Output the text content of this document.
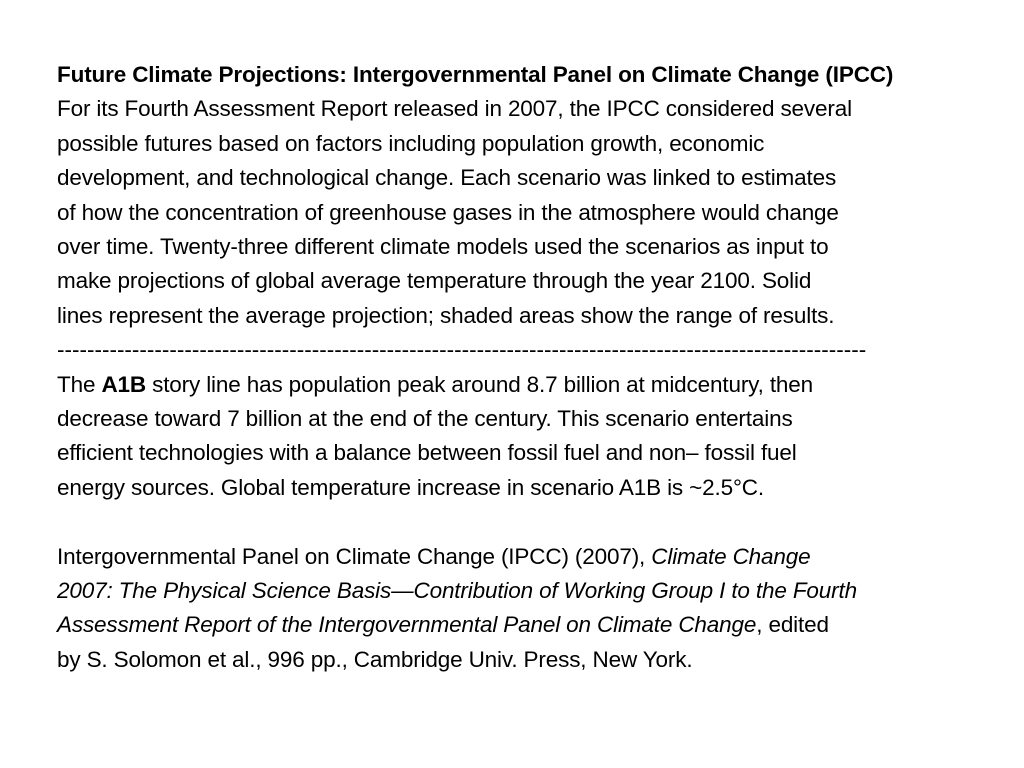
Future Climate Projections: Intergovernmental Panel on Climate Change (IPCC)
For its Fourth Assessment Report released in 2007, the IPCC considered several
possible futures based on factors including population growth, economic
development, and technological change. Each scenario was linked to estimates
of how the concentration of greenhouse gases in the atmosphere would change
over time. Twenty-three different climate models used the scenarios as input to
make projections of global average temperature through the year 2100. Solid
lines represent the average projection; shaded areas show the range of results.
------------------------------------------------------------------------------------------------------------
The A1B story line has population peak around 8.7 billion at midcentury, then
decrease toward 7 billion at the end of the century. This scenario entertains
efficient technologies with a balance between fossil fuel and non– fossil fuel
energy sources. Global temperature increase in scenario A1B is ~2.5°C.
Intergovernmental Panel on Climate Change (IPCC) (2007), Climate Change
2007: The Physical Science Basis—Contribution of Working Group I to the Fourth
Assessment Report of the Intergovernmental Panel on Climate Change, edited
by S. Solomon et al., 996 pp., Cambridge Univ. Press, New York.
